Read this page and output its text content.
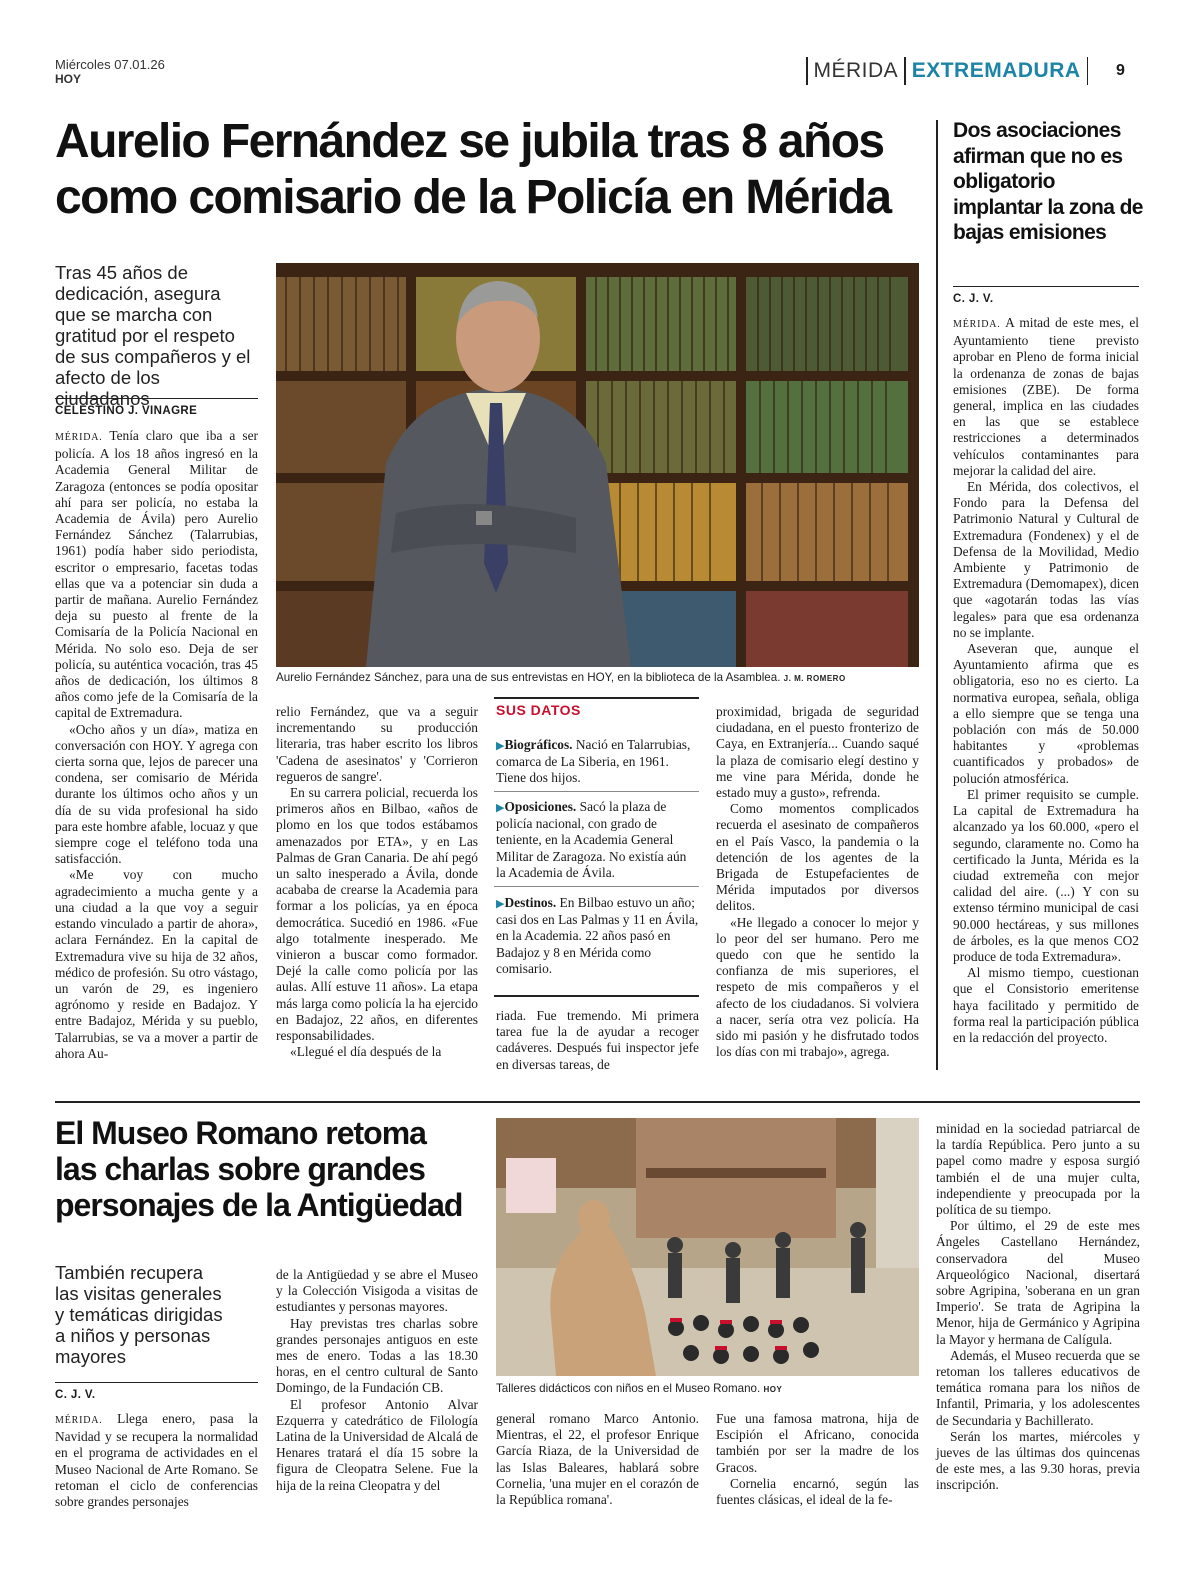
Miércoles 07.01.26
HOY	MÉRIDA EXTREMADURA 9
Aurelio Fernández se jubila tras 8 años
como comisario de la Policía en Mérida
Tras 45 años de dedicación, asegura que se marcha con gratitud por el respeto de sus compañeros y el afecto de los ciudadanos
CELESTINO J. VINAGRE
Aurelio Fernández Sánchez, para una de sus entrevistas en HOY, en la biblioteca de la Asamblea. J. M. ROMERO

MÉRIDA. Tenía claro que iba a ser policía. A los 18 años ingresó en la Academia General Militar de Zaragoza (entonces se podía opositar ahí para ser policía, no estaba la Academia de Ávila) pero Aurelio Fernández Sánchez (Talarrubias, 1961) podía haber sido periodista, escritor o empresario, facetas todas ellas que va a potenciar sin duda a partir de mañana. Aurelio Fernández deja su puesto al frente de la Comisaría de la Policía Nacional en Mérida. No solo eso. Deja de ser policía, su auténtica vocación, tras 45 años de dedicación, los últimos 8 años como jefe de la Comisaría de la capital de Extremadura.

«Ocho años y un día», matiza en conversación con HOY. Y agrega con cierta sorna que, lejos de parecer una condena, ser comisario de Mérida durante los últimos ocho años y un día de su vida profesional ha sido para este hombre afable, locuaz y que siempre coge el teléfono toda una satisfacción.

«Me voy con mucho agradecimiento a mucha gente y a una ciudad a la que voy a seguir estando vinculado a partir de ahora», aclara Fernández. En la capital de Extremadura vive su hija de 32 años, médico de profesión. Su otro vástago, un varón de 29, es ingeniero agrónomo y reside en Badajoz. Y entre Badajoz, Mérida y su pueblo, Talarrubias, se va a mover a partir de ahora Au-

relio Fernández, que va a seguir incrementando su producción literaria, tras haber escrito los libros 'Cadena de asesinatos' y 'Corrieron regueros de sangre'.

En su carrera policial, recuerda los primeros años en Bilbao, «años de plomo en los que todos estábamos amenazados por ETA», y en Las Palmas de Gran Canaria. De ahí pegó un salto inesperado a Ávila, donde acababa de crearse la Academia para formar a los policías, ya en época democrática. Sucedió en 1986. «Fue algo totalmente inesperado. Me vinieron a buscar como formador. Dejé la calle como policía por las aulas. Allí estuve 11 años». La etapa más larga como policía la ha ejercido en Badajoz, 22 años, en diferentes responsabilidades.

«Llegué el día después de la

SUS DATOS
▶Biográficos. Nació en Talarrubias, comarca de La Siberia, en 1961. Tiene dos hijos.
▶Oposiciones. Sacó la plaza de policía nacional, con grado de teniente, en la Academia General Militar de Zaragoza. No existía aún la Academia de Ávila.
▶Destinos. En Bilbao estuvo un año; casi dos en Las Palmas y 11 en Ávila, en la Academia. 22 años pasó en Badajoz y 8 en Mérida como comisario.

riada. Fue tremendo. Mi primera tarea fue la de ayudar a recoger cadáveres. Después fui inspector jefe en diversas tareas, de

proximidad, brigada de seguridad ciudadana, en el puesto fronterizo de Caya, en Extranjería... Cuando saqué la plaza de comisario elegí destino y me vine para Mérida, donde he estado muy a gusto», refrenda.

Como momentos complicados recuerda el asesinato de compañeros en el País Vasco, la pandemia o la detención de los agentes de la Brigada de Estupefacientes de Mérida imputados por diversos delitos.

«He llegado a conocer lo mejor y lo peor del ser humano. Pero me quedo con que he sentido la confianza de mis superiores, el respeto de mis compañeros y el afecto de los ciudadanos. Si volviera a nacer, sería otra vez policía. Ha sido mi pasión y he disfrutado todos los días con mi trabajo», agrega.

Dos asociaciones afirman que no es obligatorio implantar la zona de bajas emisiones
C. J. V.

MÉRIDA. A mitad de este mes, el Ayuntamiento tiene previsto aprobar en Pleno de forma inicial la ordenanza de zonas de bajas emisiones (ZBE). De forma general, implica en las ciudades en las que se establece restricciones a determinados vehículos contaminantes para mejorar la calidad del aire.

En Mérida, dos colectivos, el Fondo para la Defensa del Patrimonio Natural y Cultural de Extremadura (Fondenex) y el de Defensa de la Movilidad, Medio Ambiente y Patrimonio de Extremadura (Demomapex), dicen que «agotarán todas las vías legales» para que esa ordenanza no se implante.

Aseveran que, aunque el Ayuntamiento afirma que es obligatoria, eso no es cierto. La normativa europea, señala, obliga a ello siempre que se tenga una población con más de 50.000 habitantes y «problemas cuantificados y probados» de polución atmosférica.

El primer requisito se cumple. La capital de Extremadura ha alcanzado ya los 60.000, «pero el segundo, claramente no. Como ha certificado la Junta, Mérida es la ciudad extremeña con mejor calidad del aire. (...) Y con su extenso término municipal de casi 90.000 hectáreas, y sus millones de árboles, es la que menos CO2 produce de toda Extremadura».

Al mismo tiempo, cuestionan que el Consistorio emeritense haya facilitado y permitido de forma real la participación pública en la redacción del proyecto.

El Museo Romano retoma
las charlas sobre grandes
personajes de la Antigüedad
También recupera las visitas generales y temáticas dirigidas a niños y personas mayores
C. J. V.

MÉRIDA. Llega enero, pasa la Navidad y se recupera la normalidad en el programa de actividades en el Museo Nacional de Arte Romano. Se retoman el ciclo de conferencias sobre grandes personajes

de la Antigüedad y se abre el Museo y la Colección Visigoda a visitas de estudiantes y personas mayores.

Hay previstas tres charlas sobre grandes personajes antiguos en este mes de enero. Todas a las 18.30 horas, en el centro cultural de Santo Domingo, de la Fundación CB.

El profesor Antonio Alvar Ezquerra y catedrático de Filología Latina de la Universidad de Alcalá de Henares tratará el día 15 sobre la figura de Cleopatra Selene. Fue la hija de la reina Cleopatra y del

Talleres didácticos con niños en el Museo Romano. HOY

general romano Marco Antonio. Mientras, el 22, el profesor Enrique García Riaza, de la Universidad de las Islas Baleares, hablará sobre Cornelia, 'una mujer en el corazón de la República romana'.

Fue una famosa matrona, hija de Escipión el Africano, conocida también por ser la madre de los Gracos.

Cornelia encarnó, según las fuentes clásicas, el ideal de la fe-

minidad en la sociedad patriarcal de la tardía República. Pero junto a su papel como madre y esposa surgió también el de una mujer culta, independiente y preocupada por la política de su tiempo.

Por último, el 29 de este mes Ángeles Castellano Hernández, conservadora del Museo Arqueológico Nacional, disertará sobre Agripina, 'soberana en un gran Imperio'. Se trata de Agripina la Menor, hija de Germánico y Agripina la Mayor y hermana de Calígula.

Además, el Museo recuerda que se retoman los talleres educativos de temática romana para los niños de Infantil, Primaria, y los adolescentes de Secundaria y Bachillerato.

Serán los martes, miércoles y jueves de las últimas dos quincenas de este mes, a las 9.30 horas, previa inscripción.
